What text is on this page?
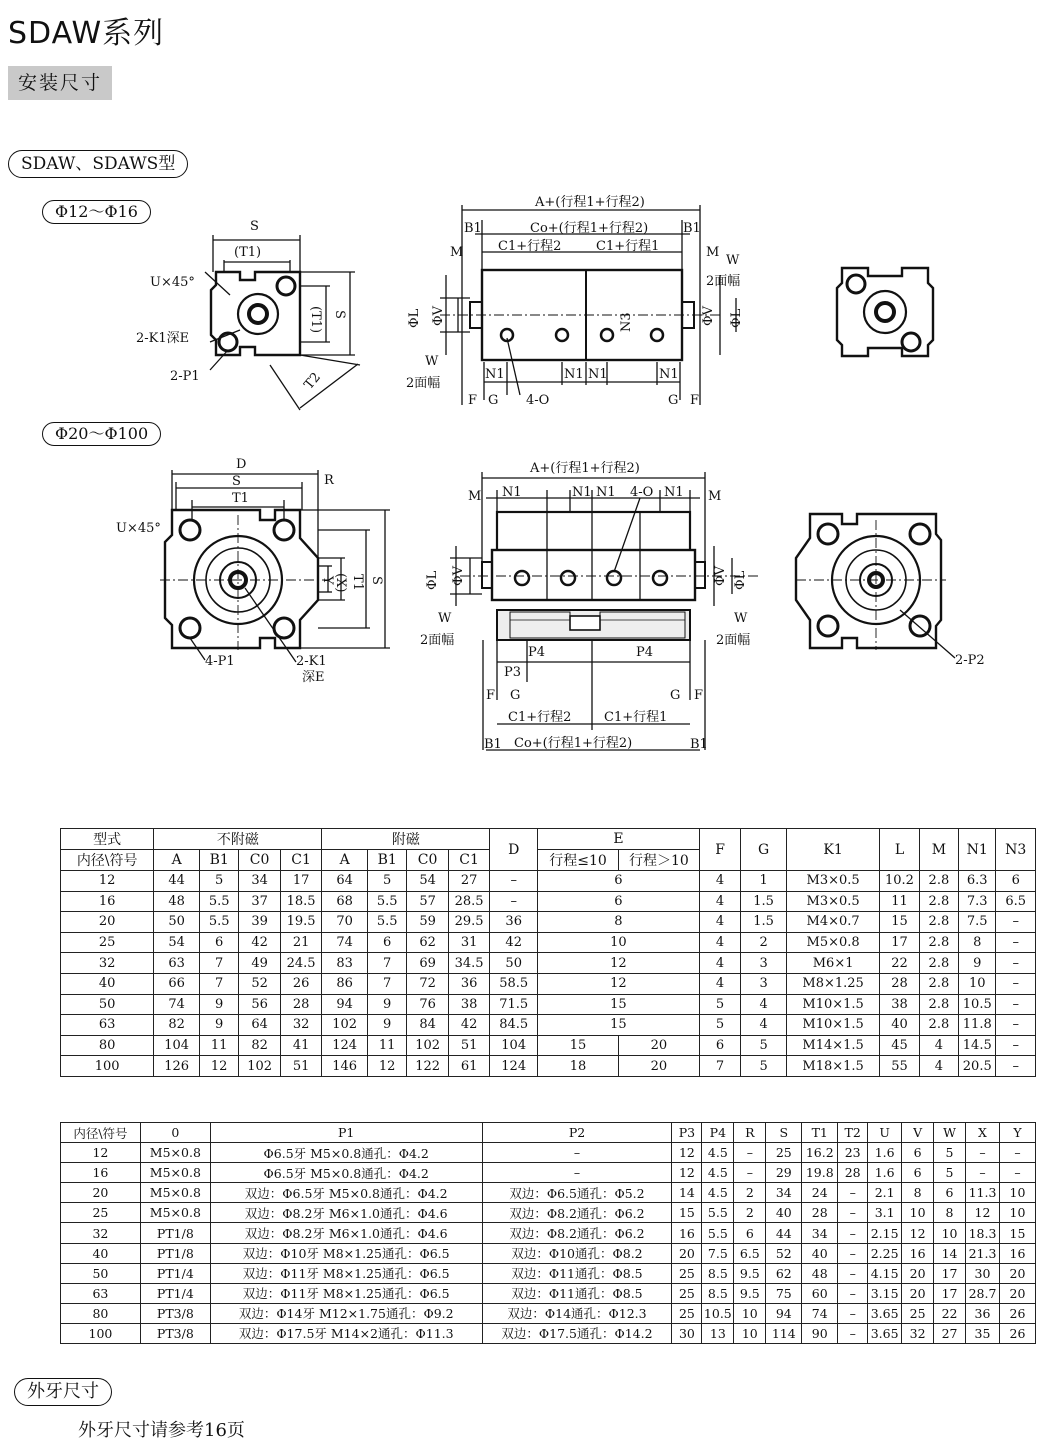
SDAW系列
安装尺寸
SDAW、SDAWS型
Φ12～Φ16
Φ20～Φ100
S
(T1)
U×45°
2-K1深E
2-P1
(T1) S
T2
A+(行程1+行程2)
B1	B1
Co+(行程1+行程2)
C1+行程2	C1+行程1
M	M
W
2面幅
W
2面幅
ΦL ΦV	ΦV ΦL
N3
N1	N1 N1	N1
4-O
F G	G F
D
S
T1
R
U×45°
Y
(X) T1 S
4-P1	2-K1
深E
A+(行程1+行程2)
M	M
N1	N1 N1 4-O N1
ΦL ΦV	ΦV ΦL
W
2面幅
W
2面幅
P4	P4
P3
F G	G F
C1+行程2	C1+行程1
B1	B1
Co+(行程1+行程2)
2-P2
型式	不附磁				附磁				D	E		F	G	K1	L	M	N1	N3
内径\符号	A	B1	C0	C1	A	B1	C0	C1		行程≤10	行程＞10							
12	44	5	34	17	64	5	54	27	–	6		4	1	M3×0.5	10.2	2.8	6.3	6
16	48	5.5	37	18.5	68	5.5	57	28.5	–	6		4	1.5	M3×0.5	11	2.8	7.3	6.5
20	50	5.5	39	19.5	70	5.5	59	29.5	36	8		4	1.5	M4×0.7	15	2.8	7.5	–
25	54	6	42	21	74	6	62	31	42	10		4	2	M5×0.8	17	2.8	8	–
32	63	7	49	24.5	83	7	69	34.5	50	12		4	3	M6×1	22	2.8	9	–
40	66	7	52	26	86	7	72	36	58.5	12		4	3	M8×1.25	28	2.8	10	–
50	74	9	56	28	94	9	76	38	71.5	15		5	4	M10×1.5	38	2.8	10.5	–
63	82	9	64	32	102	9	84	42	84.5	15		5	4	M10×1.5	40	2.8	11.8	–
80	104	11	82	41	124	11	102	51	104	15	20	6	5	M14×1.5	45	4	14.5	–
100	126	12	102	51	146	12	122	61	124	18	20	7	5	M18×1.5	55	4	20.5	–
内径\符号	0	P1	P2	P3	P4	R	S	T1	T2	U	V	W	X	Y
12	M5×0.8	Φ6.5牙 M5×0.8通孔：Φ4.2	–	12	4.5	–	25	16.2	23	1.6	6	5	–	–
16	M5×0.8	Φ6.5牙 M5×0.8通孔：Φ4.2	–	12	4.5	–	29	19.8	28	1.6	6	5	–	–
20	M5×0.8	双边：Φ6.5牙 M5×0.8通孔：Φ4.2	双边：Φ6.5通孔：Φ5.2	14	4.5	2	34	24	–	2.1	8	6	11.3	10
25	M5×0.8	双边：Φ8.2牙 M6×1.0通孔：Φ4.6	双边：Φ8.2通孔：Φ6.2	15	5.5	2	40	28	–	3.1	10	8	12	10
32	PT1/8	双边：Φ8.2牙 M6×1.0通孔：Φ4.6	双边：Φ8.2通孔：Φ6.2	16	5.5	6	44	34	–	2.15	12	10	18.3	15
40	PT1/8	双边：Φ10牙 M8×1.25通孔：Φ6.5	双边：Φ10通孔：Φ8.2	20	7.5	6.5	52	40	–	2.25	16	14	21.3	16
50	PT1/4	双边：Φ11牙 M8×1.25通孔：Φ6.5	双边：Φ11通孔：Φ8.5	25	8.5	9.5	62	48	–	4.15	20	17	30	20
63	PT1/4	双边：Φ11牙 M8×1.25通孔：Φ6.5	双边：Φ11通孔：Φ8.5	25	8.5	9.5	75	60	–	3.15	20	17	28.7	20
80	PT3/8	双边：Φ14牙 M12×1.75通孔：Φ9.2	双边：Φ14通孔：Φ12.3	25	10.5	10	94	74	–	3.65	25	22	36	26
100	PT3/8	双边：Φ17.5牙 M14×2通孔：Φ11.3	双边：Φ17.5通孔：Φ14.2	30	13	10	114	90	–	3.65	32	27	35	26
外牙尺寸
外牙尺寸请参考16页
